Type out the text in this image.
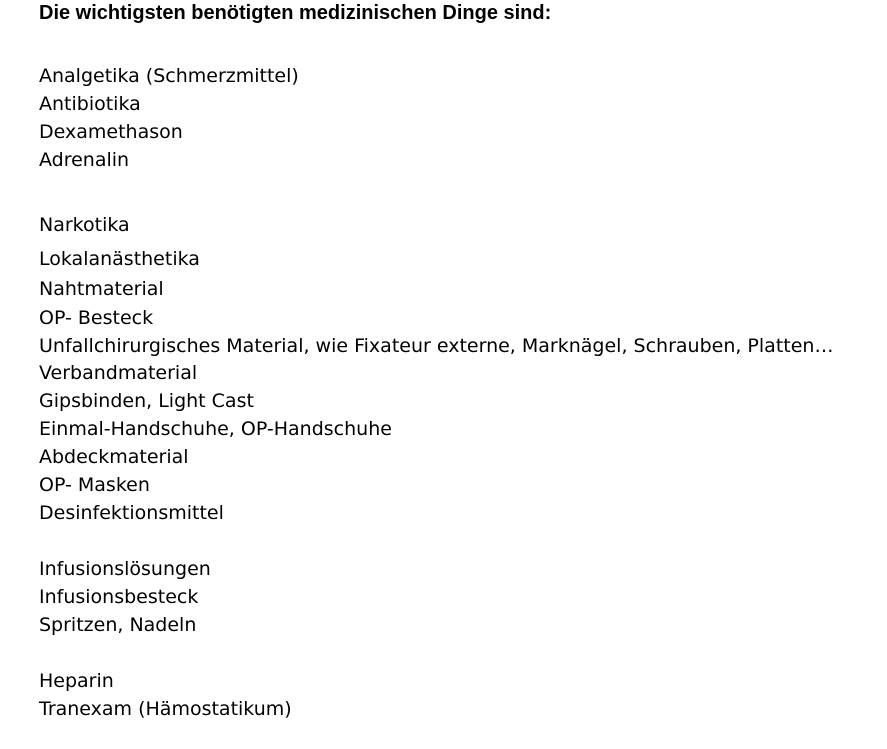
Die wichtigsten benötigten medizinischen Dinge sind:
Analgetika (Schmerzmittel)
Antibiotika
Dexamethason
Adrenalin
Narkotika
Lokalanästhetika
Nahtmaterial
OP- Besteck
Unfallchirurgisches Material, wie Fixateur externe, Marknägel, Schrauben, Platten…
Verbandmaterial
Gipsbinden, Light Cast
Einmal-Handschuhe, OP-Handschuhe
Abdeckmaterial
OP- Masken
Desinfektionsmittel
Infusionslösungen
Infusionsbesteck
Spritzen, Nadeln
Heparin
Tranexam (Hämostatikum)
